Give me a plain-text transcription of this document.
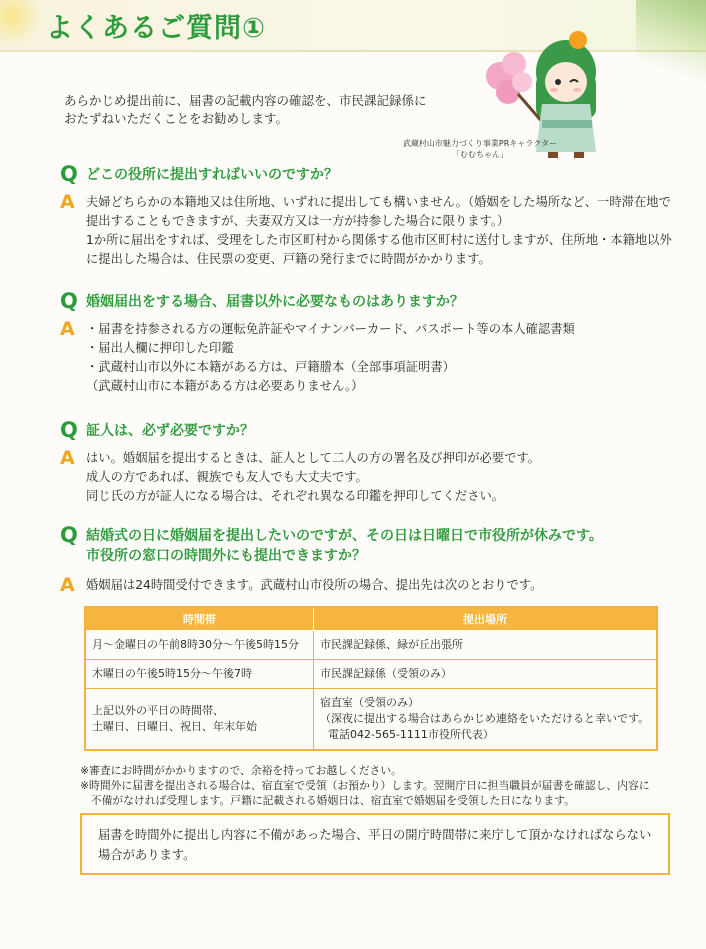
よくあるご質問①

あらかじめ提出前に、届書の記載内容の確認を、市民課記録係に

おたずねいただくことをお勧めします。

武蔵村山市魅力づくり事業PRキャラクター
「むむちゃん」
Q どこの役所に提出すればいいのですか？
A 夫婦どちらかの本籍地又は住所地、いずれに提出しても構いません。（婚姻をした場所など、一時滞在地で

提出することもできますが、夫妻双方又は一方が持参した場合に限ります。）

1か所に届出をすれば、受理をした市区町村から関係する他市区町村に送付しますが、住所地・本籍地以外

に提出した場合は、住民票の変更、戸籍の発行までに時間がかかります。

Q 婚姻届出をする場合、届書以外に必要なものはありますか？
A ・届書を持参される方の運転免許証やマイナンバーカード、パスポート等の本人確認書類

・届出人欄に押印した印鑑

・武蔵村山市以外に本籍がある方は、戸籍謄本（全部事項証明書）

（武蔵村山市に本籍がある方は必要ありません。）

Q 証人は、必ず必要ですか？
A はい。婚姻届を提出するときは、証人として二人の方の署名及び押印が必要です。

成人の方であれば、親族でも友人でも大丈夫です。

同じ氏の方が証人になる場合は、それぞれ異なる印鑑を押印してください。

Q 結婚式の日に婚姻届を提出したいのですが、その日は日曜日で市役所が休みです。
市役所の窓口の時間外にも提出できますか？
A 婚姻届は24時間受付できます。武蔵村山市役所の場合、提出先は次のとおりです。

時間帯	提出場所

月～金曜日の午前8時30分～午後5時15分	市民課記録係、緑が丘出張所

木曜日の午後5時15分～午後7時	市民課記録係（受領のみ）

上記以外の平日の時間帯、
土曜日、日曜日、祝日、年末年始	宿直室（受領のみ）
（深夜に提出する場合はあらかじめ連絡をいただけると幸いです。
電話042-565-1111市役所代表）

※審査にお時間がかかりますので、余裕を持ってお越しください。

※時間外に届書を提出される場合は、宿直室で受領（お預かり）します。翌開庁日に担当職員が届書を確認し、内容に

　不備がなければ受理します。戸籍に記載される婚姻日は、宿直室で婚姻届を受領した日になります。

届書を時間外に提出し内容に不備があった場合、平日の開庁時間帯に来庁して頂かなければならない

場合があります。
